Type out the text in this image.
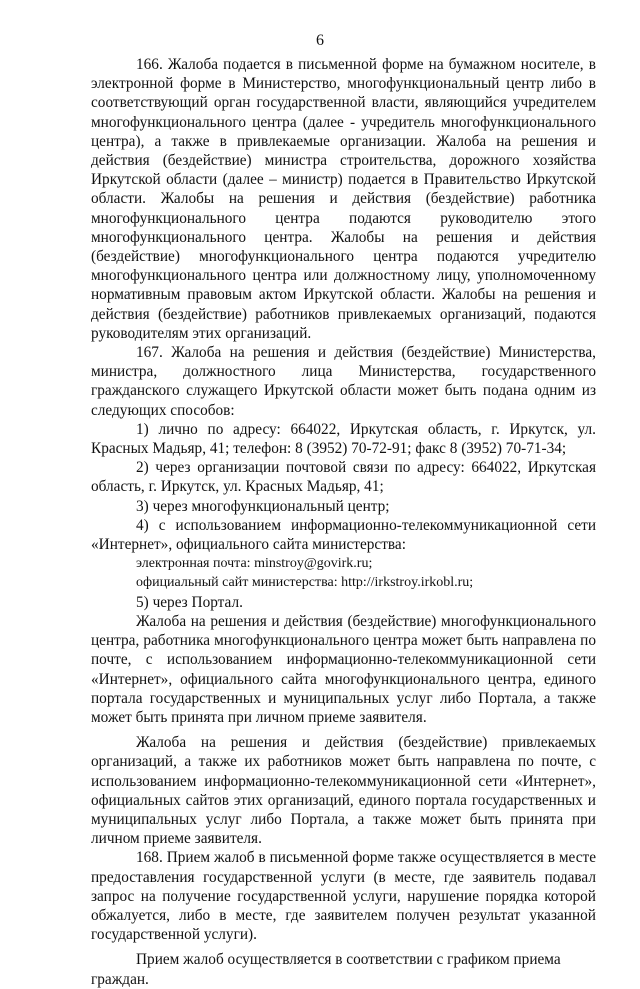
6

166. Жалоба подается в письменной форме на бумажном носителе, в электронной форме в Министерство, многофункциональный центр либо в соответствующий орган государственной власти, являющийся учредителем многофункционального центра (далее - учредитель многофункционального центра), а также в привлекаемые организации. Жалоба на решения и действия (бездействие) министра строительства, дорожного хозяйства Иркутской области (далее – министр) подается в Правительство Иркутской области. Жалобы на решения и действия (бездействие) работника многофункционального центра подаются руководителю этого многофункционального центра. Жалобы на решения и действия (бездействие) многофункционального центра подаются учредителю многофункционального центра или должностному лицу, уполномоченному нормативным правовым актом Иркутской области. Жалобы на решения и действия (бездействие) работников привлекаемых организаций, подаются руководителям этих организаций.

167. Жалоба на решения и действия (бездействие) Министерства, министра, должностного лица Министерства, государственного гражданского служащего Иркутской области может быть подана одним из следующих способов:

1) лично по адресу: 664022, Иркутская область, г. Иркутск, ул. Красных Мадьяр, 41; телефон: 8 (3952) 70-72-91; факс 8 (3952) 70-71-34;

2) через организации почтовой связи по адресу: 664022, Иркутская область, г. Иркутск, ул. Красных Мадьяр, 41;

3) через многофункциональный центр;

4) с использованием информационно-телекоммуникационной сети «Интернет», официального сайта министерства:

электронная почта: minstroy@govirk.ru;

официальный сайт министерства: http://irkstroy.irkobl.ru;

5) через Портал.

Жалоба на решения и действия (бездействие) многофункционального центра, работника многофункционального центра может быть направлена по почте, с использованием информационно-телекоммуникационной сети «Интернет», официального сайта многофункционального центра, единого портала государственных и муниципальных услуг либо Портала, а также может быть принята при личном приеме заявителя.

Жалоба на решения и действия (бездействие) привлекаемых организаций, а также их работников может быть направлена по почте, с использованием информационно-телекоммуникационной сети «Интернет», официальных сайтов этих организаций, единого портала государственных и муниципальных услуг либо Портала, а также может быть принята при личном приеме заявителя.

168. Прием жалоб в письменной форме также осуществляется в месте предоставления государственной услуги (в месте, где заявитель подавал запрос на получение государственной услуги, нарушение порядка которой обжалуется, либо в месте, где заявителем получен результат указанной государственной услуги).

Прием жалоб осуществляется в соответствии с графиком приема граждан.
